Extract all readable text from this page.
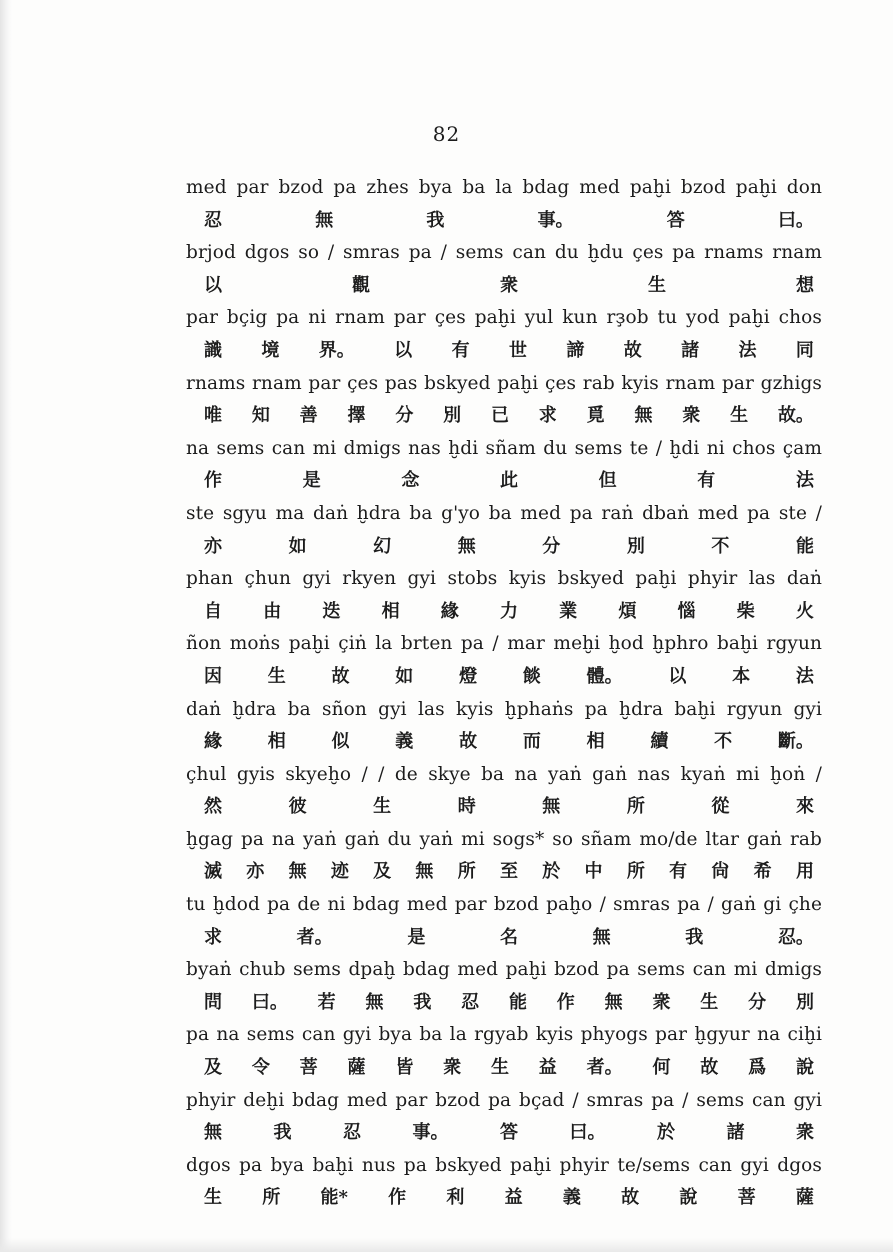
82
med par bzod pa zhes bya ba la bdag med paḫi bzod paḫi don
忍	無	我	事。	答	曰。
brjod dgos so / smras pa / sems can du ḫdu ҫes pa rnams rnam
以	觀	衆	生	想
par bҫig pa ni rnam par ҫes paḫi yul kun rҙob tu yod paḫi chos
識 境 界。 以 有 世 諦 故 諸 法 同
rnams rnam par ҫes pas bskyed paḫi ҫes rab kyis rnam par gzhigs
唯 知 善 擇 分 別 已 求 覓 無 衆 生 故。
na sems can mi dmigs nas ḫdi sñam du sems te / ḫdi ni chos ҫam
作	是	念	此	但	有	法
ste sgyu ma daṅ ḫdra ba g'yo ba med pa raṅ dbaṅ med pa ste /
亦	如	幻	無	分	別	不	能
phan ҫhun gyi rkyen gyi stobs kyis bskyed paḫi phyir las daṅ
自 由 迭 相 緣 力 業 煩 惱 柴 火
ñon moṅs paḫi ҫiṅ la brten pa / mar meḫi ḫod ḫphro baḫi rgyun
因	生	故	如	燈	餤	體。	以	本	法
daṅ ḫdra ba sñon gyi las kyis ḫphaṅs pa ḫdra baḫi rgyun gyi
緣	相	似	義	故	而	相	續	不	斷。
ҫhul gyis skyeḫo / / de skye ba na yaṅ gaṅ nas kyaṅ mi ḫoṅ /
然	彼	生	時	無	所	從	來
ḫgag pa na yaṅ gaṅ du yaṅ mi sogs* so sñam mo/de ltar gaṅ rab
滅 亦 無 迹 及 無 所 至 於 中 所 有 尙 希 用
tu ḫdod pa de ni bdag med par bzod paḫo / smras pa / gaṅ gi ҫhe
求	者。	是	名	無	我	忍。
byaṅ chub sems dpaḫ bdag med paḫi bzod pa sems can mi dmigs
問 曰。 若 無 我 忍 能 作 無 衆 生 分 別
pa na sems can gyi bya ba la rgyab kyis phyogs par ḫgyur na ciḫi
及 令 菩 薩 皆 衆 生 益 者。 何 故 爲 說
phyir deḫi bdag med par bzod pa bҫad / smras pa / sems can gyi
無	我	忍	事。	答	曰。	於	諸	衆
dgos pa bya baḫi nus pa bskyed paḫi phyir te/sems can gyi dgos
生 所 能* 作 利 益 義 故 說 菩 薩
